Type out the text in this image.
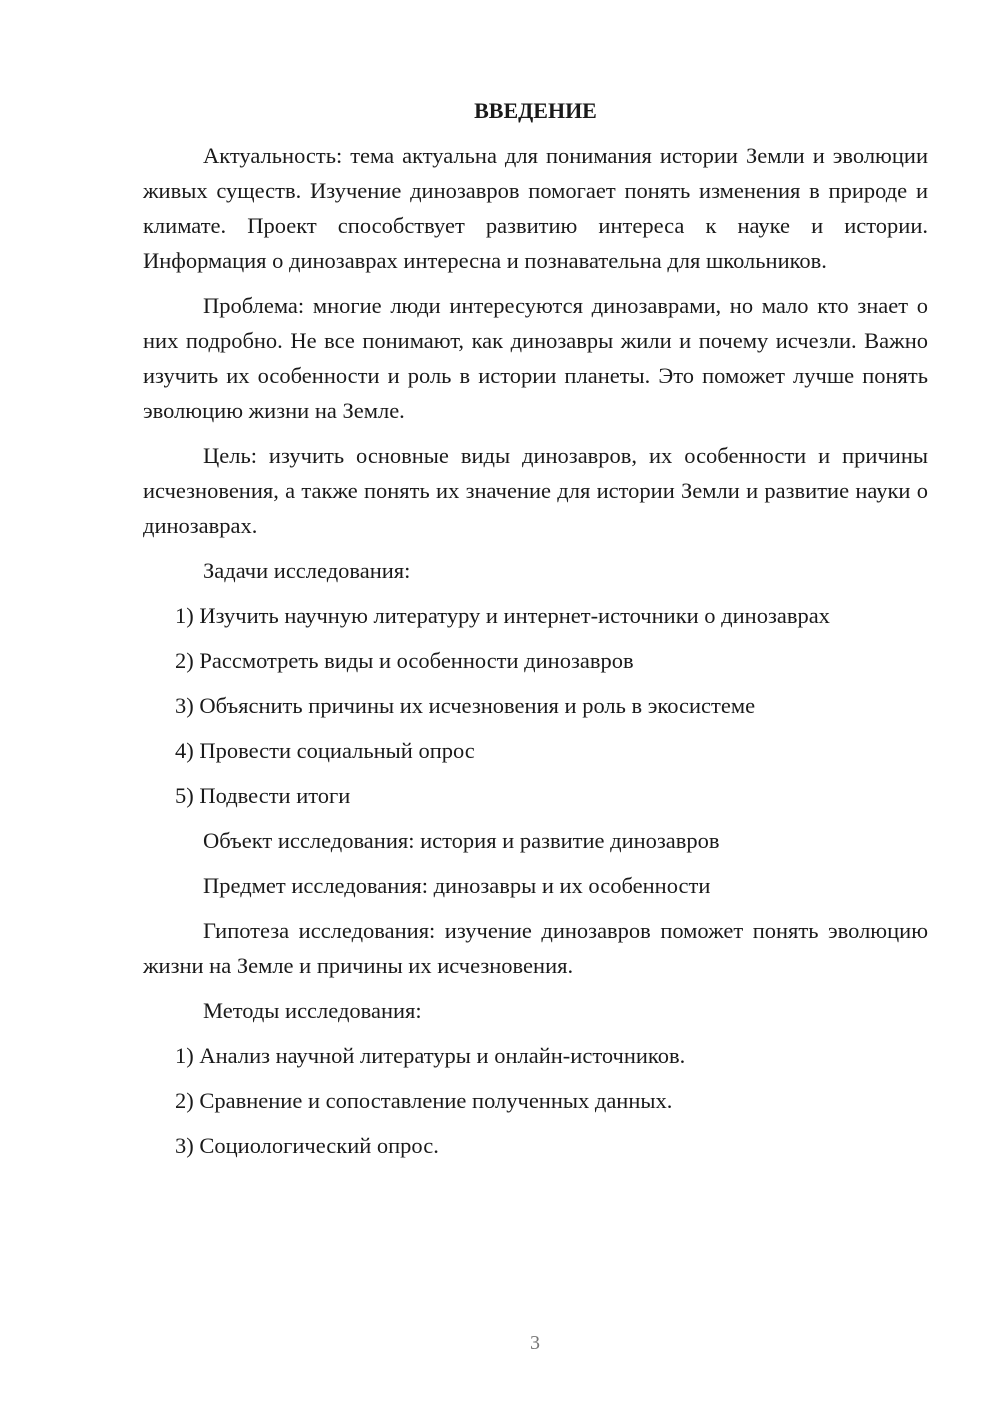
ВВЕДЕНИЕ

Актуальность: тема актуальна для понимания истории Земли и эволюции живых существ. Изучение динозавров помогает понять изменения в природе и климате. Проект способствует развитию интереса к науке и истории. Информация о динозаврах интересна и познавательна для школьников.

Проблема: многие люди интересуются динозаврами, но мало кто знает о них подробно. Не все понимают, как динозавры жили и почему исчезли. Важно изучить их особенности и роль в истории планеты. Это поможет лучше понять эволюцию жизни на Земле.

Цель: изучить основные виды динозавров, их особенности и причины исчезновения, а также понять их значение для истории Земли и развитие науки о динозаврах.

Задачи исследования:
1) Изучить научную литературу и интернет-источники о динозаврах
2) Рассмотреть виды и особенности динозавров
3) Объяснить причины их исчезновения и роль в экосистеме
4) Провести социальный опрос
5) Подвести итоги
Объект исследования: история и развитие динозавров
Предмет исследования: динозавры и их особенности

Гипотеза исследования: изучение динозавров поможет понять эволюцию жизни на Земле и причины их исчезновения.

Методы исследования:
1) Анализ научной литературы и онлайн-источников.
2) Сравнение и сопоставление полученных данных.
3) Социологический опрос.
3
